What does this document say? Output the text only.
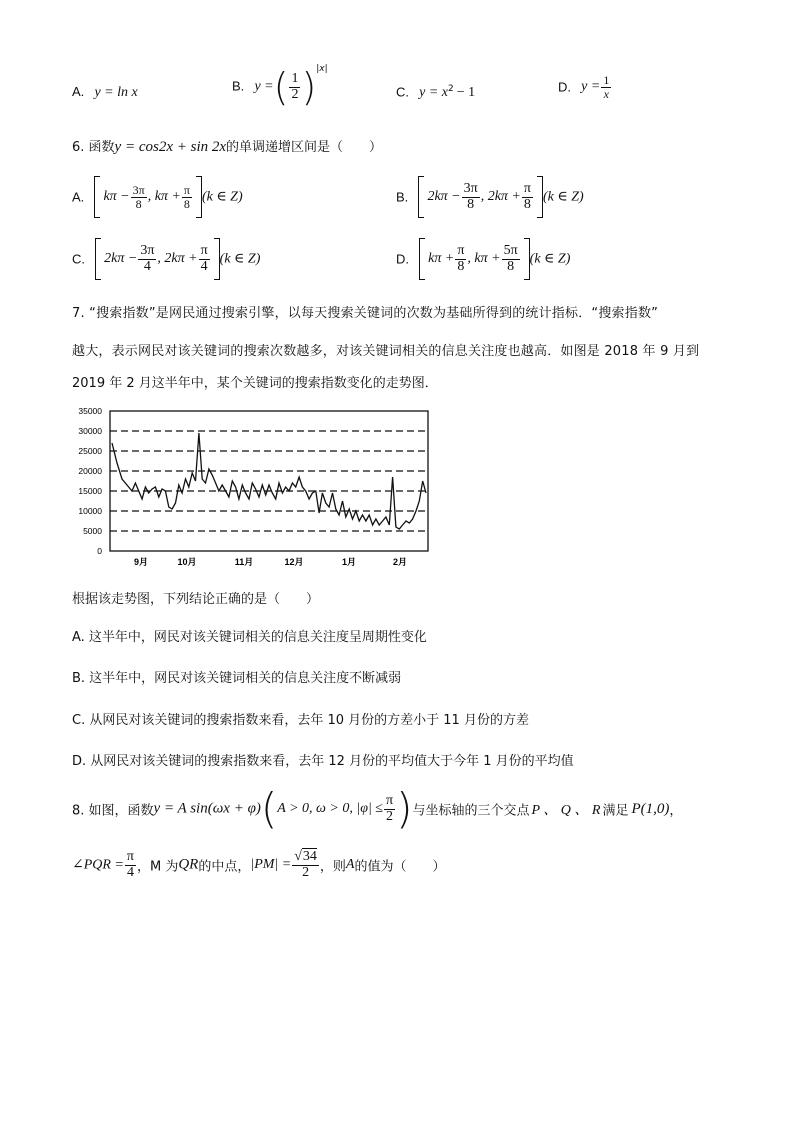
A. y = ln x	B. y =( $\frac{1}{2} )^{|x|}$
C. $y = x^2 - 1$	D. $y = \frac{1}{x}$
6. 函数y = cos2x + sin 2x的单调递增区间是（　　）
A. $k\pi - \frac{3\pi}{8}$ , $k\pi + \frac{\pi}{8} (k$ ∈ Z)	B. $2k\pi - \frac{3\pi}{8}$ , $2k\pi + \frac{\pi}{8} (k$ ∈ Z)
C. $2k\pi - \frac{3\pi}{4}$ , $2k\pi + \frac{\pi}{4} (k$ ∈ Z)	D. $k\pi + \frac{\pi}{8}$ , $k\pi + \frac{5\pi}{8} (k$ ∈ Z)
7. “搜索指数”是网民通过搜索引擎，以每天搜索关键词的次数为基础所得到的统计指标．“搜索指数”
越大，表示网民对该关键词的搜索次数越多，对该关键词相关的信息关注度也越高．如图是 2018 年 9 月到
2019 年 2 月这半年中，某个关键词的搜索指数变化的走势图．
35000
30000
25000
20000
15000
10000
5000
0
9月	10月	11月	12月	1月	2月
根据该走势图，下列结论正确的是（　　）
A. 这半年中，网民对该关键词相关的信息关注度呈周期性变化
B. 这半年中，网民对该关键词相关的信息关注度不断减弱
C. 从网民对该关键词的搜索指数来看，去年 10 月份的方差小于 11 月份的方差
D. 从网民对该关键词的搜索指数来看，去年 12 月份的平均值大于今年 1 月份的平均值
8. 如图，函数y = A sin(ωx + φ)(A > 0, ω > 0, $|\varphi| \le \frac{\pi}{2}$ )与坐标轴的三个交点 P 、 Q 、 R 满足 P(1,0)，
∠PQR = $\frac{\pi}{4}$ ，M 为QR的中点，$|PM| = \frac{√34}{2}$ ，则A的值为（　　）
